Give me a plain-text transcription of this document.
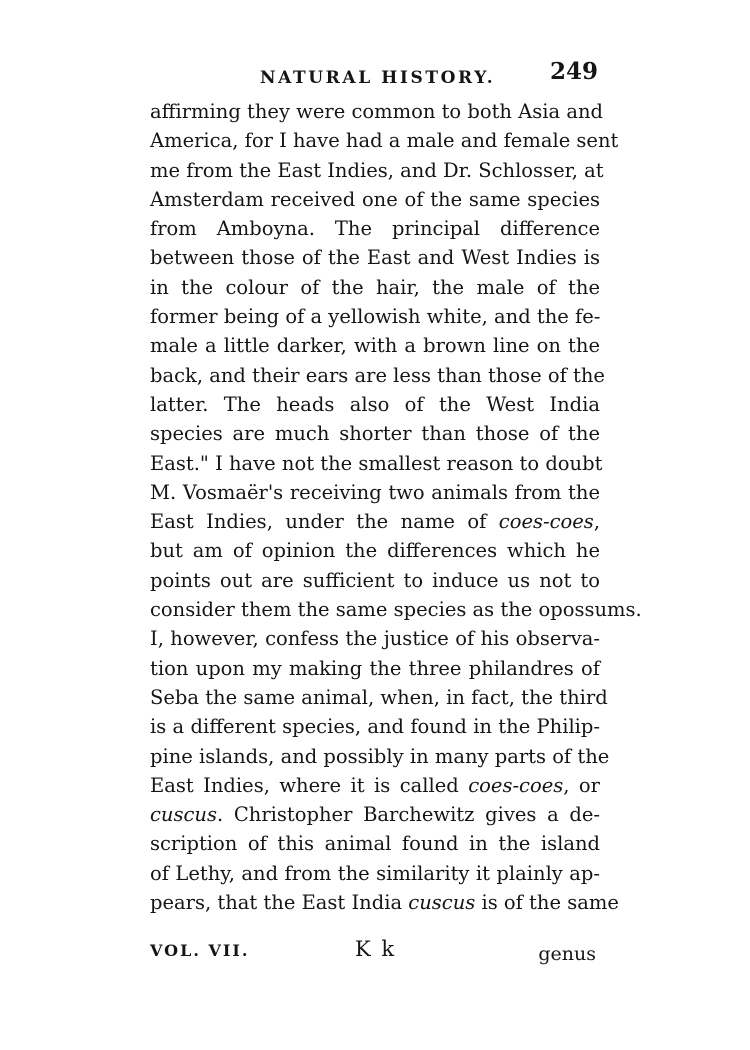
NATURAL HISTORY. 249
affirming they were common to both Asia and
America, for I have had a male and female sent
me from the East Indies, and Dr. Schlosser, at
Amsterdam received one of the same species
from Amboyna. The principal difference
between those of the East and West Indies is
in the colour of the hair, the male of the
former being of a yellowish white, and the fe-
male a little darker, with a brown line on the
back, and their ears are less than those of the
latter. The heads also of the West India
species are much shorter than those of the
East." I have not the smallest reason to doubt
M. Vosmaër's receiving two animals from the
East Indies, under the name of coes-coes,
but am of opinion the differences which he
points out are sufficient to induce us not to
consider them the same species as the opossums.
I, however, confess the justice of his observa-
tion upon my making the three philandres of
Seba the same animal, when, in fact, the third
is a different species, and found in the Philip-
pine islands, and possibly in many parts of the
East Indies, where it is called coes-coes, or
cuscus. Christopher Barchewitz gives a de-
scription of this animal found in the island
of Lethy, and from the similarity it plainly ap-
pears, that the East India cuscus is of the same
VOL. VII.	K k	genus
